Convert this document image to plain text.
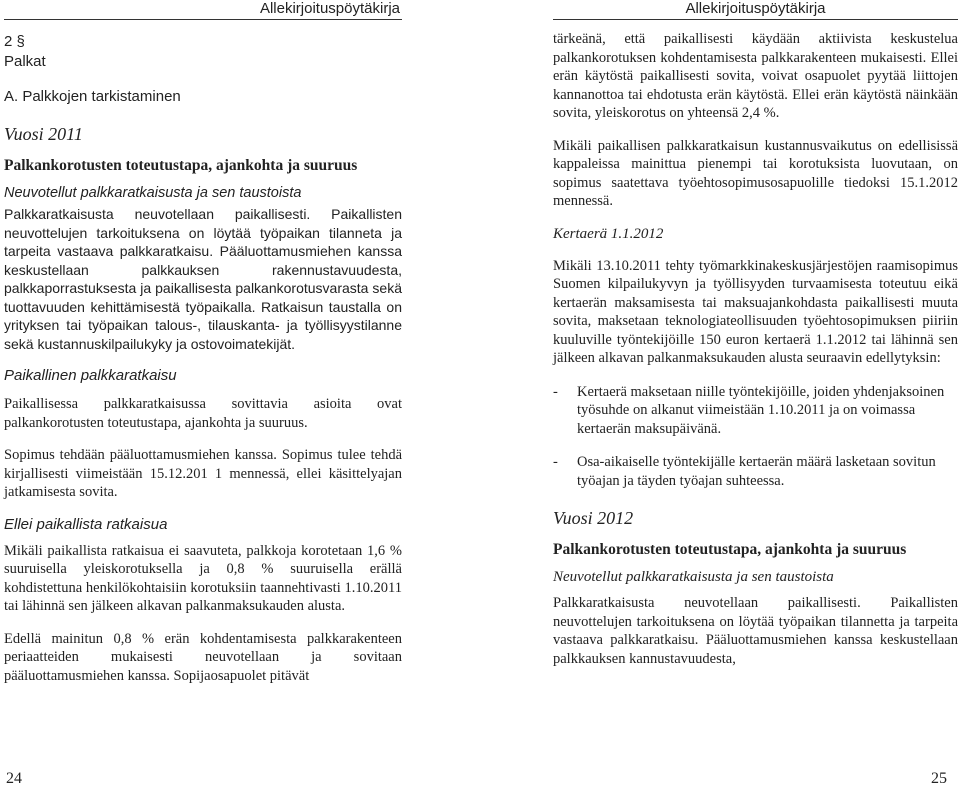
Allekirjoituspöytäkirja
2 §
Palkat
A. Palkkojen tarkistaminen
Vuosi 2011
Palkankorotusten toteutustapa, ajankohta ja suuruus
Neuvotellut palkkaratkaisusta ja sen taustoista
Palkkaratkaisusta neuvotellaan paikallisesti. Paikallisten neuvottelujen tarkoituksena on löytää työpaikan tilanneta ja tarpeita vastaava palkkaratkaisu. Pääluottamusmiehen kanssa keskustellaan palkkauksen rakennustavuudesta, palkkaporrastuksesta ja paikallisesta palkankorotusvarasta sekä tuottavuuden kehittämisestä työpaikalla. Ratkaisun taustalla on yrityksen tai työpaikan talous-, tilauskanta- ja työllisyystilanne sekä kustannuskilpailukyky ja ostovoimatekijät.
Paikallinen palkkaratkaisu
Paikallisessa palkkaratkaisussa sovittavia asioita ovat palkankorotusten toteutustapa, ajankohta ja suuruus.
Sopimus tehdään pääluottamusmiehen kanssa. Sopimus tulee tehdä kirjallisesti viimeistään 15.12.201 1 mennessä, ellei käsittelyajan jatkamisesta sovita.
Ellei paikallista ratkaisua
Mikäli paikallista ratkaisua ei saavuteta, palkkoja korotetaan 1,6 % suuruisella yleiskorotuksella ja 0,8 % suuruisella erällä kohdistettuna henkilökohtaisiin korotuksiin taannehtivasti 1.10.2011 tai lähinnä sen jälkeen alkavan palkanmaksukauden alusta.
Edellä mainitun 0,8 % erän kohdentamisesta palkkarakenteen periaatteiden mukaisesti neuvotellaan ja sovitaan pääluottamusmiehen kanssa. Sopijaosapuolet pitävät
24
Allekirjoituspöytäkirja
tärkeänä, että paikallisesti käydään aktiivista keskustelua palkankorotuksen kohdentamisesta palkkarakenteen mukaisesti. Ellei erän käytöstä paikallisesti sovita, voivat osapuolet pyytää liittojen kannanottoa tai ehdotusta erän käytöstä. Ellei erän käytöstä näinkään sovita, yleiskorotus on yhteensä 2,4 %.
Mikäli paikallisen palkkaratkaisun kustannusvaikutus on edellisissä kappaleissa mainittua pienempi tai korotuksista luovutaan, on sopimus saatettava työehtosopimusosapuolille tiedoksi 15.1.2012 mennessä.
Kertaerä 1.1.2012
Mikäli 13.10.2011 tehty työmarkkinakeskusjärjestöjen raamisopimus Suomen kilpailukyvyn ja työllisyyden turvaamisesta toteutuu eikä kertaerän maksamisesta tai maksuajankohdasta paikallisesti muuta sovita, maksetaan teknologiateollisuuden työehtosopimuksen piiriin kuuluville työntekijöille 150 euron kertaerä 1.1.2012 tai lähinnä sen jälkeen alkavan palkanmaksukauden alusta seuraavin edellytyksin:
-	Kertaerä maksetaan niille työntekijöille, joiden yhdenjaksoinen työsuhde on alkanut viimeistään 1.10.2011 ja on voimassa kertaerän maksupäivänä.
-	Osa-aikaiselle työntekijälle kertaerän määrä lasketaan sovitun työajan ja täyden työajan suhteessa.
Vuosi 2012
Palkankorotusten toteutustapa, ajankohta ja suuruus
Neuvotellut palkkaratkaisusta ja sen taustoista
Palkkaratkaisusta neuvotellaan paikallisesti. Paikallisten neuvottelujen tarkoituksena on löytää työpaikan tilannetta ja tarpeita vastaava palkkaratkaisu. Pääluottamusmiehen kanssa keskustellaan palkkauksen kannustavuudesta,
25
